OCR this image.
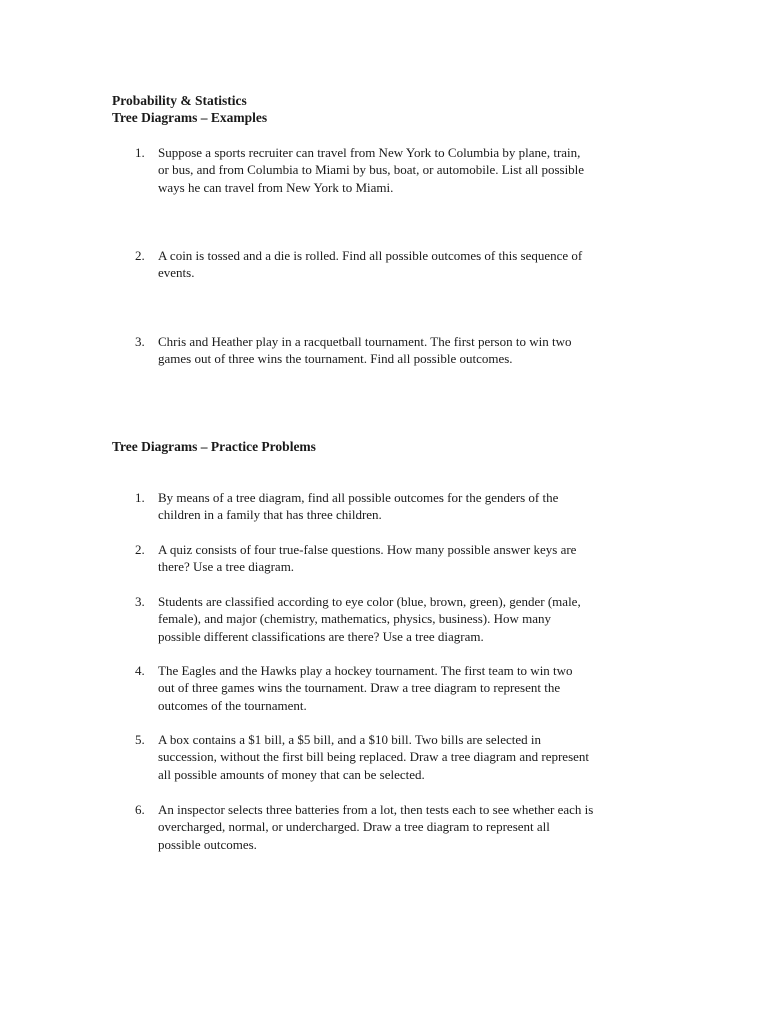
Probability & Statistics

Tree Diagrams – Examples

1.	Suppose a sports recruiter can travel from New York to Columbia by plane, train,
or bus, and from Columbia to Miami by bus, boat, or automobile. List all possible
ways he can travel from New York to Miami.
2.	A coin is tossed and a die is rolled. Find all possible outcomes of this sequence of
events.
3.	Chris and Heather play in a racquetball tournament. The first person to win two
games out of three wins the tournament. Find all possible outcomes.

Tree Diagrams – Practice Problems

1.	By means of a tree diagram, find all possible outcomes for the genders of the
children in a family that has three children.
2.	A quiz consists of four true-false questions. How many possible answer keys are
there? Use a tree diagram.
3.	Students are classified according to eye color (blue, brown, green), gender (male,
female), and major (chemistry, mathematics, physics, business). How many
possible different classifications are there? Use a tree diagram.
4.	The Eagles and the Hawks play a hockey tournament. The first team to win two
out of three games wins the tournament. Draw a tree diagram to represent the
outcomes of the tournament.
5.	A box contains a $1 bill, a $5 bill, and a $10 bill. Two bills are selected in
succession, without the first bill being replaced. Draw a tree diagram and represent
all possible amounts of money that can be selected.
6.	An inspector selects three batteries from a lot, then tests each to see whether each is
overcharged, normal, or undercharged. Draw a tree diagram to represent all
possible outcomes.
